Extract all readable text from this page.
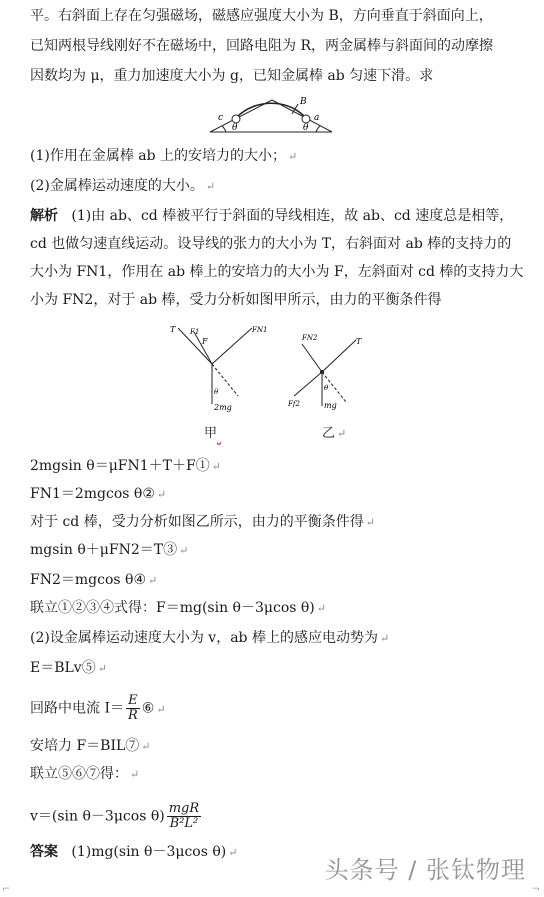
平。右斜面上存在匀强磁场，磁感应强度大小为 B，方向垂直于斜面向上，
已知两根导线刚好不在磁场中，回路电阻为 R，两金属棒与斜面间的动摩擦
因数均为 μ，重力加速度大小为 g，已知金属棒 ab 匀速下滑。求
c
θ
B
a
θ
(1)作用在金属棒 ab 上的安培力的大小； ↵
(2)金属棒运动速度的大小。 ↵
解析 (1)由 ab、cd 棒被平行于斜面的导线相连，故 ab、cd 速度总是相等，
cd 也做匀速直线运动。设导线的张力的大小为 T，右斜面对 ab 棒的支持力的
大小为 FN1，作用在 ab 棒上的安培力的大小为 F，左斜面对 cd 棒的支持力大
小为 FN2，对于 ab 棒，受力分析如图甲所示，由力的平衡条件得
T F1
F
FN1
θ
2mg
甲
FN2	T
θ
Ff2	mg
乙 ↵
2mgsin θ＝μFN1＋T＋F① ↵
FN1＝2mgcos θ② ↵
对于 cd 棒，受力分析如图乙所示，由力的平衡条件得 ↵
mgsin θ＋μFN2＝T③ ↵
FN2＝mgcos θ④ ↵
联立①②③④式得：F＝mg(sin θ－3μcos θ) ↵
(2)设金属棒运动速度大小为 v，ab 棒上的感应电动势为 ↵
E＝BLv⑤ ↵
回路中电流 $I= \frac{E}{R}$ ⑥ ↵
安培力 F＝BIL⑦ ↵
联立⑤⑥⑦得： ↵
v＝(sin θ－3μcos $\theta) \frac{\text{mgR}}{\text{B²L²}}$
答案 (1)mg(sin θ－3μcos θ) ↵
头条号 / 张钛物理
⌐	¬
